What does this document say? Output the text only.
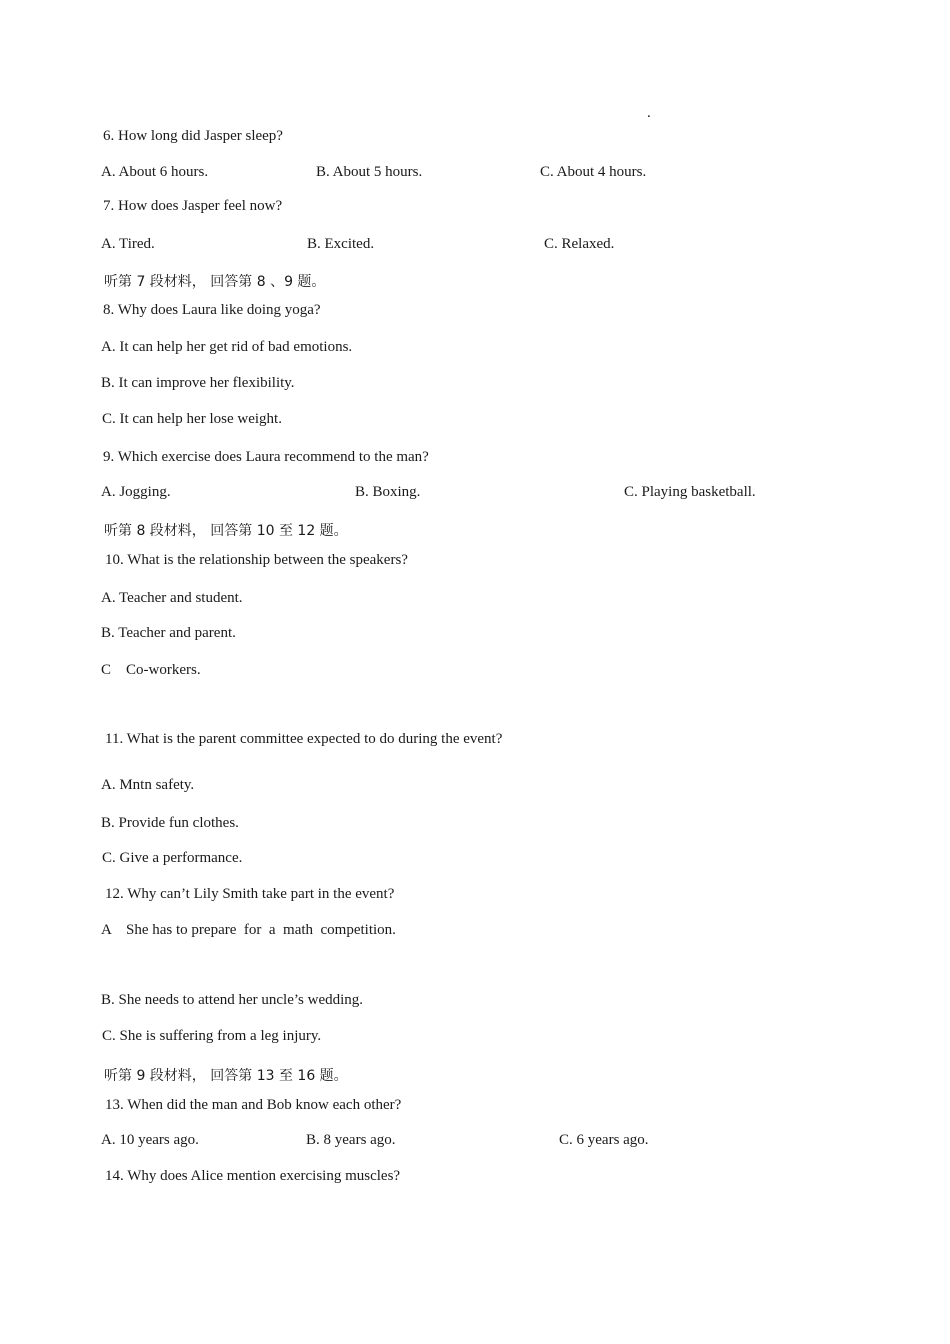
.
6. How long did Jasper sleep?
A. About 6 hours.	B. About 5 hours.	C. About 4 hours.
7. How does Jasper feel now?
A. Tired.	B. Excited.	C. Relaxed.
听第 7 段材料， 回答第 8 、9 题。
8. Why does Laura like doing yoga?
A. It can help her get rid of bad emotions.
B. It can improve her flexibility.
C. It can help her lose weight.
9. Which exercise does Laura recommend to the man?
A. Jogging.	B. Boxing.	C. Playing basketball.
听第 8 段材料， 回答第 10 至 12 题。
10. What is the relationship between the speakers?
A. Teacher and student.
B. Teacher and parent.
C    Co-workers.
11. What is the parent committee expected to do during the event?
A. Mntn safety.
B. Provide fun clothes.
C. Give a performance.
12. Why can’t Lily Smith take part in the event?
A    She has to prepare  for  a  math  competition.
B. She needs to attend her uncle’s wedding.
C. She is suffering from a leg injury.
听第 9 段材料， 回答第 13 至 16 题。
13. When did the man and Bob know each other?
A. 10 years ago.	B. 8 years ago.	C. 6 years ago.
14. Why does Alice mention exercising muscles?
